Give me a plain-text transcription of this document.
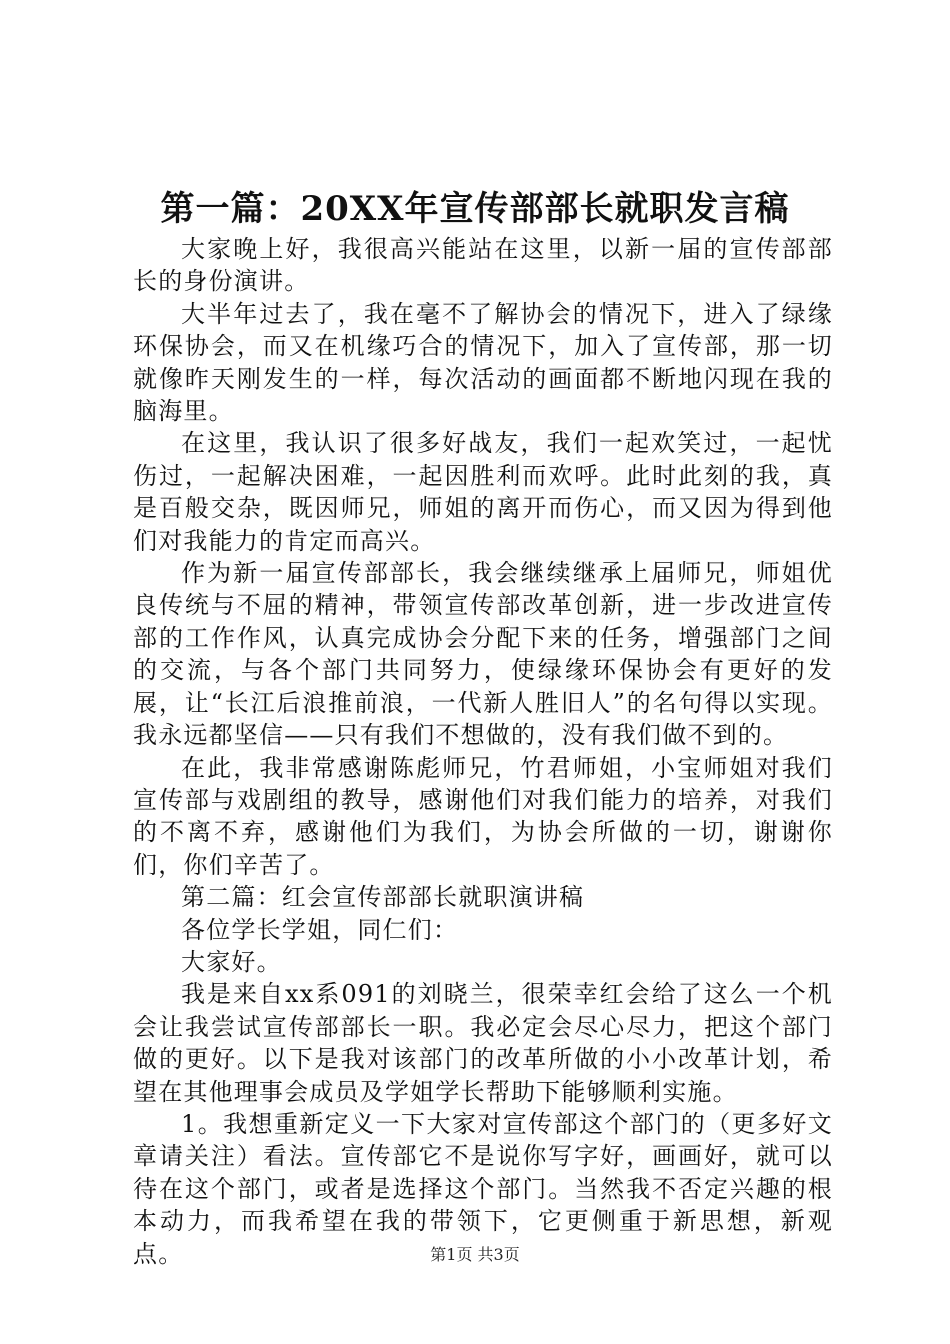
第一篇：20XX年宣传部部长就职发言稿

大家晚上好，我很高兴能站在这里，以新一届的宣传部部长的身份演讲。

大半年过去了，我在毫不了解协会的情况下，进入了绿缘环保协会，而又在机缘巧合的情况下，加入了宣传部，那一切就像昨天刚发生的一样，每次活动的画面都不断地闪现在我的脑海里。

在这里，我认识了很多好战友，我们一起欢笑过，一起忧伤过，一起解决困难，一起因胜利而欢呼。此时此刻的我，真是百般交杂，既因师兄，师姐的离开而伤心，而又因为得到他们对我能力的肯定而高兴。

作为新一届宣传部部长，我会继续继承上届师兄，师姐优良传统与不屈的精神，带领宣传部改革创新，进一步改进宣传部的工作作风，认真完成协会分配下来的任务，增强部门之间的交流，与各个部门共同努力，使绿缘环保协会有更好的发展，让“长江后浪推前浪，一代新人胜旧人”的名句得以实现。我永远都坚信——只有我们不想做的，没有我们做不到的。

在此，我非常感谢陈彪师兄，竹君师姐，小宝师姐对我们宣传部与戏剧组的教导，感谢他们对我们能力的培养，对我们的不离不弃，感谢他们为我们，为协会所做的一切，谢谢你们，你们辛苦了。

第二篇：红会宣传部部长就职演讲稿

各位学长学姐，同仁们：

大家好。

我是来自xx系091的刘晓兰，很荣幸红会给了这么一个机会让我尝试宣传部部长一职。我必定会尽心尽力，把这个部门做的更好。以下是我对该部门的改革所做的小小改革计划，希望在其他理事会成员及学姐学长帮助下能够顺利实施。

1。我想重新定义一下大家对宣传部这个部门的（更多好文章请关注）看法。宣传部它不是说你写字好，画画好，就可以待在这个部门，或者是选择这个部门。当然我不否定兴趣的根本动力，而我希望在我的带领下，它更侧重于新思想，新观点。	第1页 共3页
